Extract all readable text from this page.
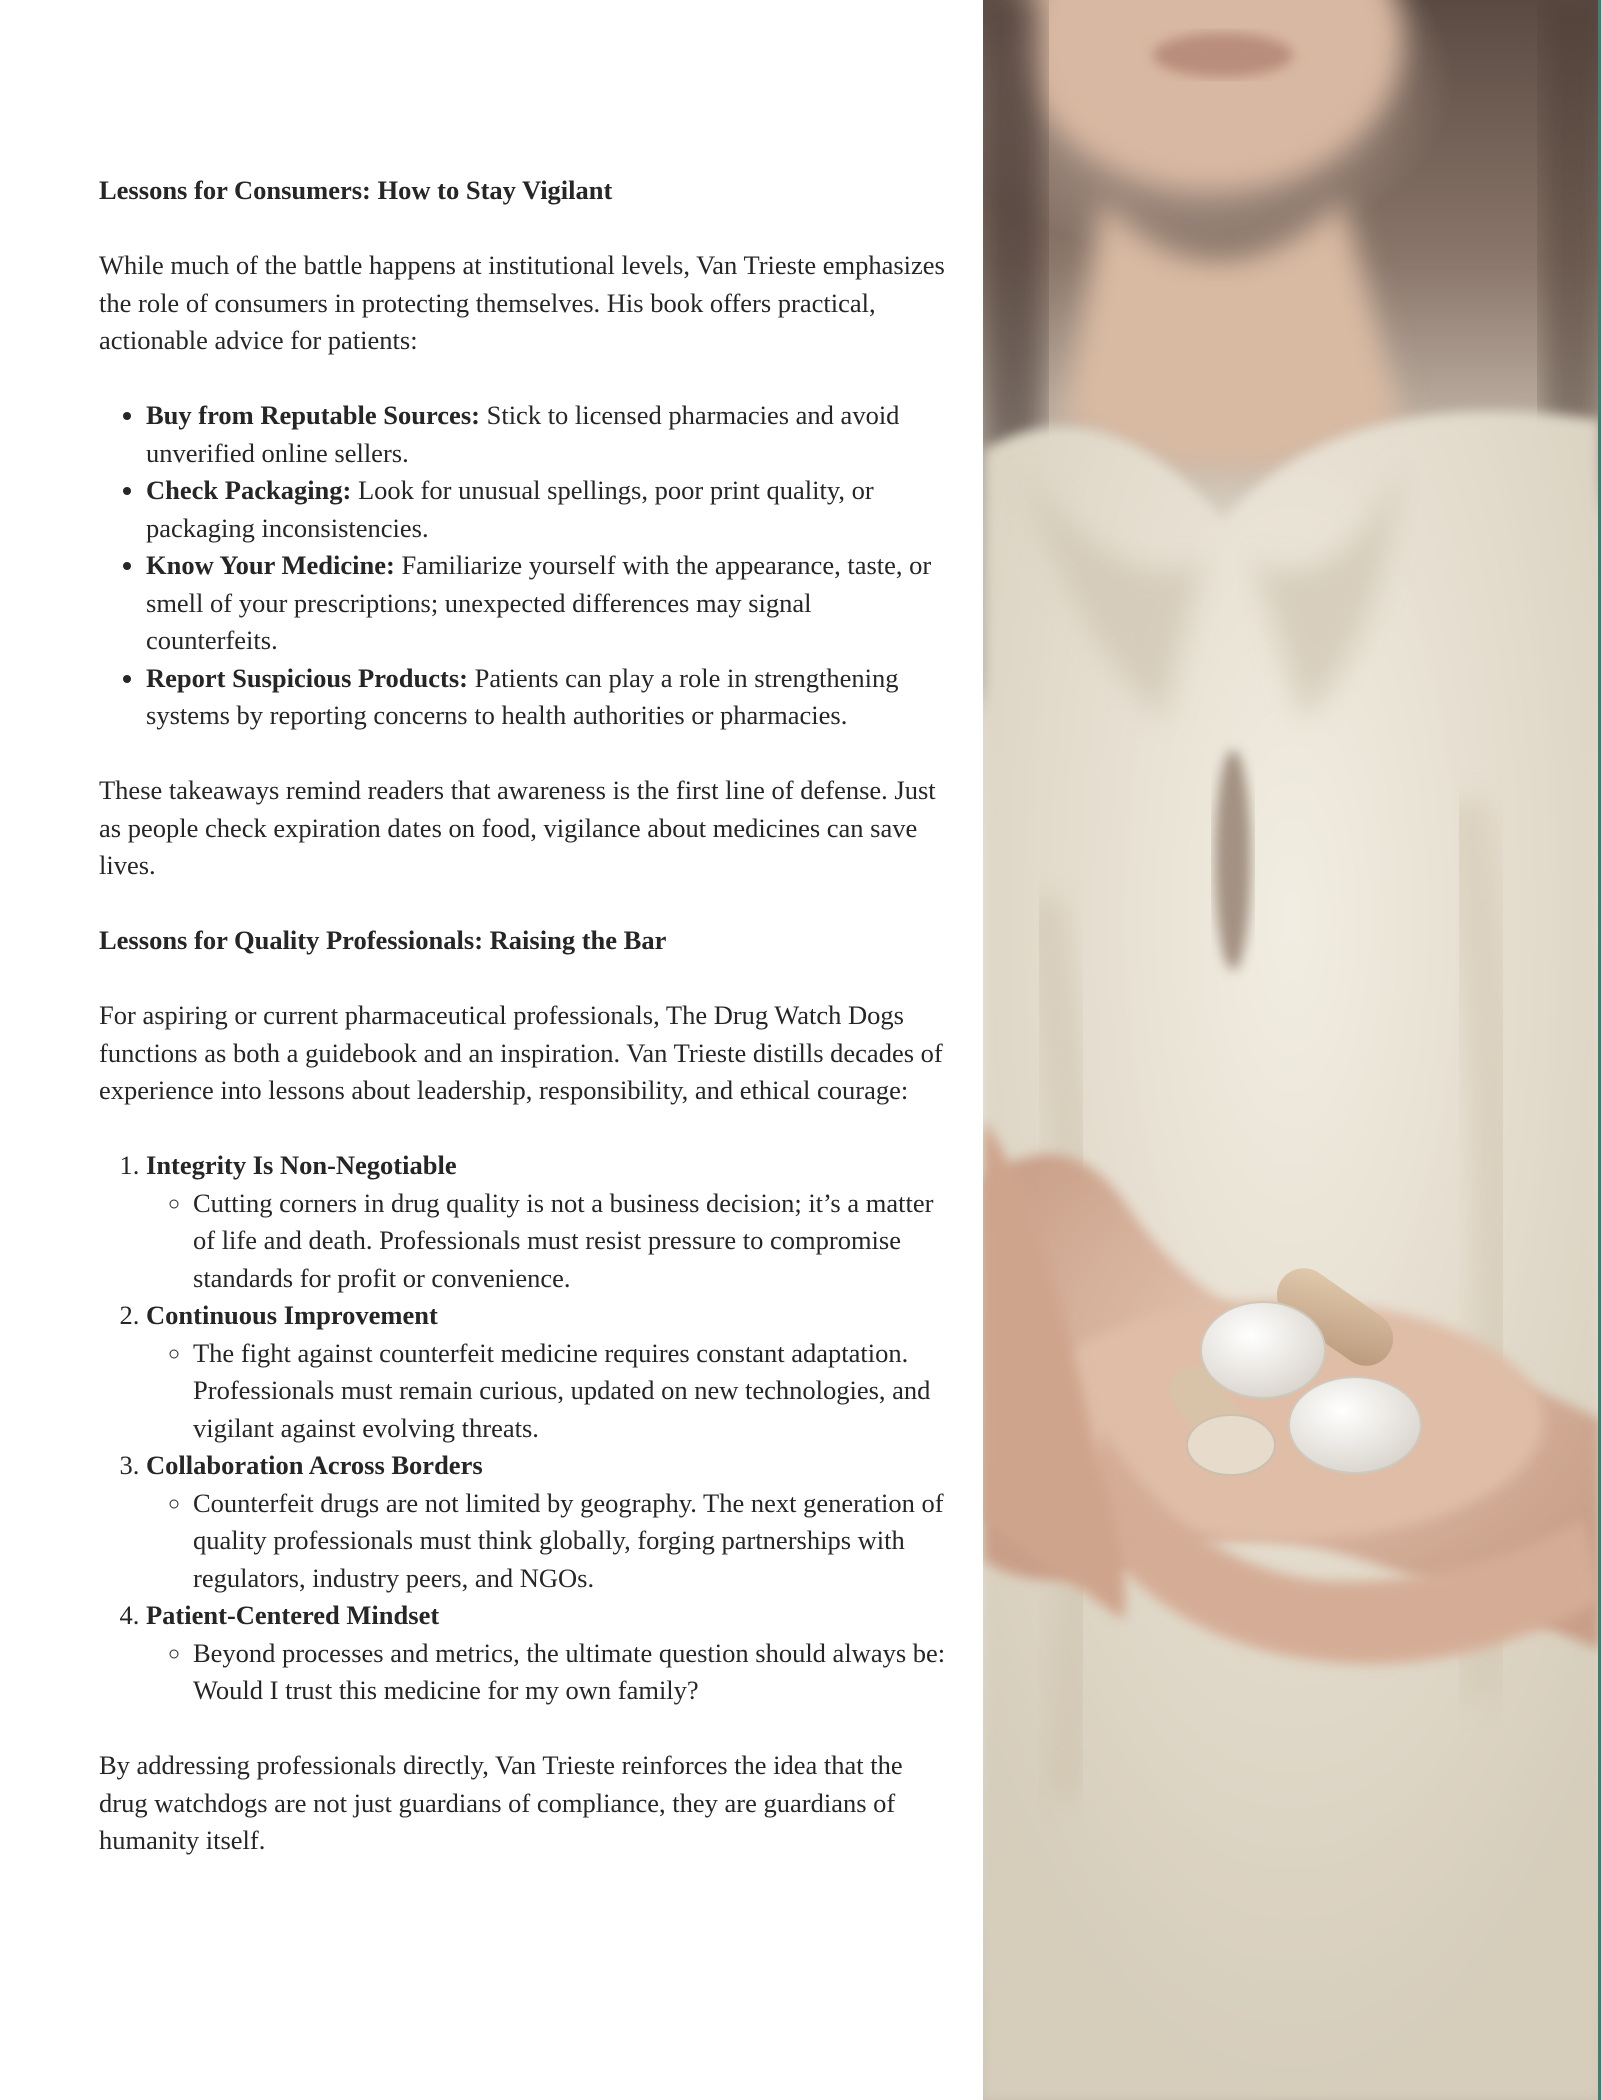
Lessons for Consumers: How to Stay Vigilant

While much of the battle happens at institutional levels, Van Trieste emphasizes the role of consumers in protecting themselves. His book offers practical, actionable advice for patients:

• Buy from Reputable Sources: Stick to licensed pharmacies and avoid unverified online sellers.
• Check Packaging: Look for unusual spellings, poor print quality, or packaging inconsistencies.
• Know Your Medicine: Familiarize yourself with the appearance, taste, or smell of your prescriptions; unexpected differences may signal counterfeits.
• Report Suspicious Products: Patients can play a role in strengthening systems by reporting concerns to health authorities or pharmacies.

These takeaways remind readers that awareness is the first line of defense. Just as people check expiration dates on food, vigilance about medicines can save lives.

Lessons for Quality Professionals: Raising the Bar

For aspiring or current pharmaceutical professionals, The Drug Watch Dogs functions as both a guidebook and an inspiration. Van Trieste distills decades of experience into lessons about leadership, responsibility, and ethical courage:

1. Integrity Is Non-Negotiable
◦ Cutting corners in drug quality is not a business decision; it’s a matter of life and death. Professionals must resist pressure to compromise standards for profit or convenience.
2. Continuous Improvement
◦ The fight against counterfeit medicine requires constant adaptation. Professionals must remain curious, updated on new technologies, and vigilant against evolving threats.
3. Collaboration Across Borders
◦ Counterfeit drugs are not limited by geography. The next generation of quality professionals must think globally, forging partnerships with regulators, industry peers, and NGOs.
4. Patient-Centered Mindset
◦ Beyond processes and metrics, the ultimate question should always be: Would I trust this medicine for my own family?

By addressing professionals directly, Van Trieste reinforces the idea that the drug watchdogs are not just guardians of compliance, they are guardians of humanity itself.
